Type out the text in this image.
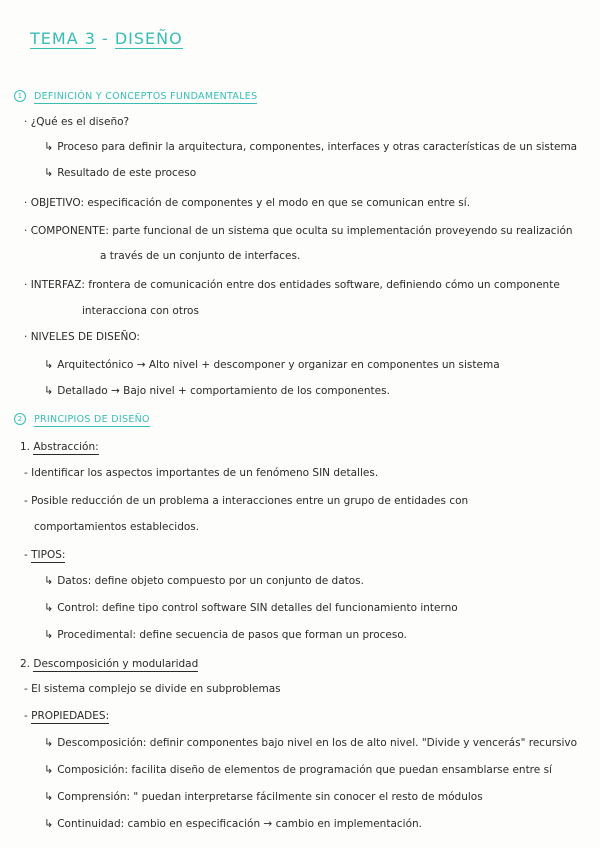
TEMA 3 - DISEÑO
1 DEFINICIÓN Y CONCEPTOS FUNDAMENTALES
· ¿Qué es el diseño?
↳ Proceso para definir la arquitectura, componentes, interfaces y otras características de un sistema
↳ Resultado de este proceso
· OBJETIVO: especificación de componentes y el modo en que se comunican entre sí.
· COMPONENTE: parte funcional de un sistema que oculta su implementación proveyendo su realización
a través de un conjunto de interfaces.
· INTERFAZ: frontera de comunicación entre dos entidades software, definiendo cómo un componente
interacciona con otros
· NIVELES DE DISEÑO:
↳ Arquitectónico → Alto nivel + descomponer y organizar en componentes un sistema
↳ Detallado → Bajo nivel + comportamiento de los componentes.
2 PRINCIPIOS DE DISEÑO
1. Abstracción:
- Identificar los aspectos importantes de un fenómeno SIN detalles.
- Posible reducción de un problema a interacciones entre un grupo de entidades con
comportamientos establecidos.
- TIPOS:
↳ Datos: define objeto compuesto por un conjunto de datos.
↳ Control: define tipo control software SIN detalles del funcionamiento interno
↳ Procedimental: define secuencia de pasos que forman un proceso.
2. Descomposición y modularidad
- El sistema complejo se divide en subproblemas
- PROPIEDADES:
↳ Descomposición: definir componentes bajo nivel en los de alto nivel. "Divide y vencerás" recursivo
↳ Composición: facilita diseño de elementos de programación que puedan ensamblarse entre sí
↳ Comprensión: " puedan interpretarse fácilmente sin conocer el resto de módulos
↳ Continuidad: cambio en especificación → cambio en implementación.
